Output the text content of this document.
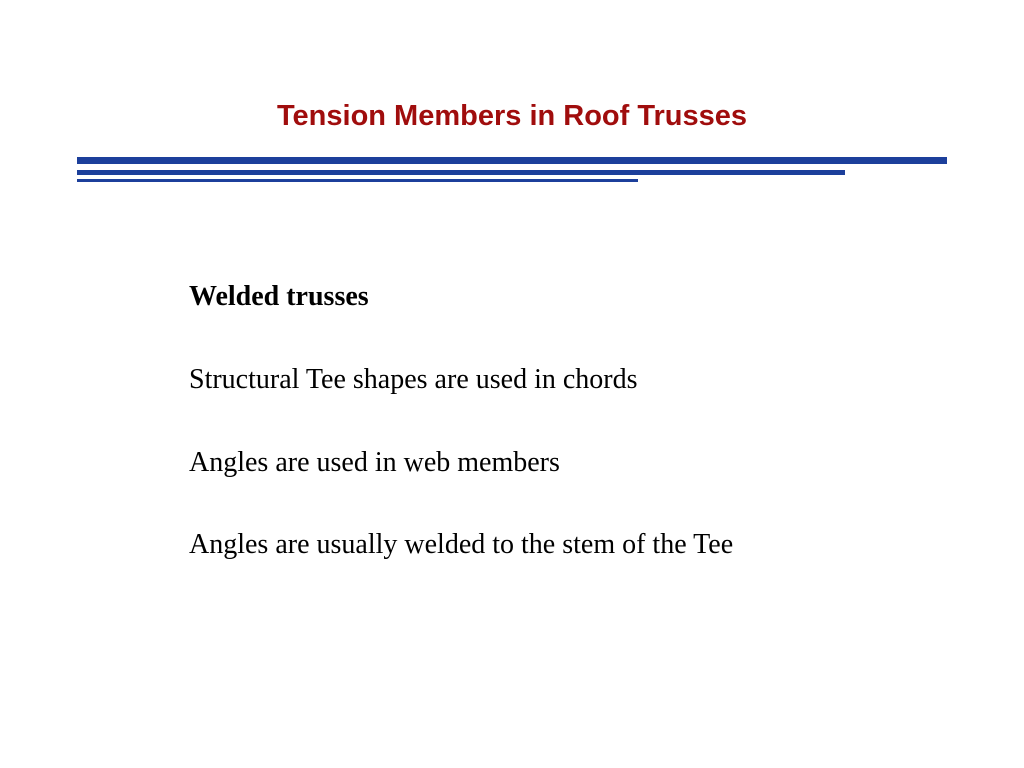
Tension Members in Roof Trusses
Welded trusses
Structural Tee shapes are used in chords
Angles are used in web members
Angles are usually welded to the stem of the Tee
